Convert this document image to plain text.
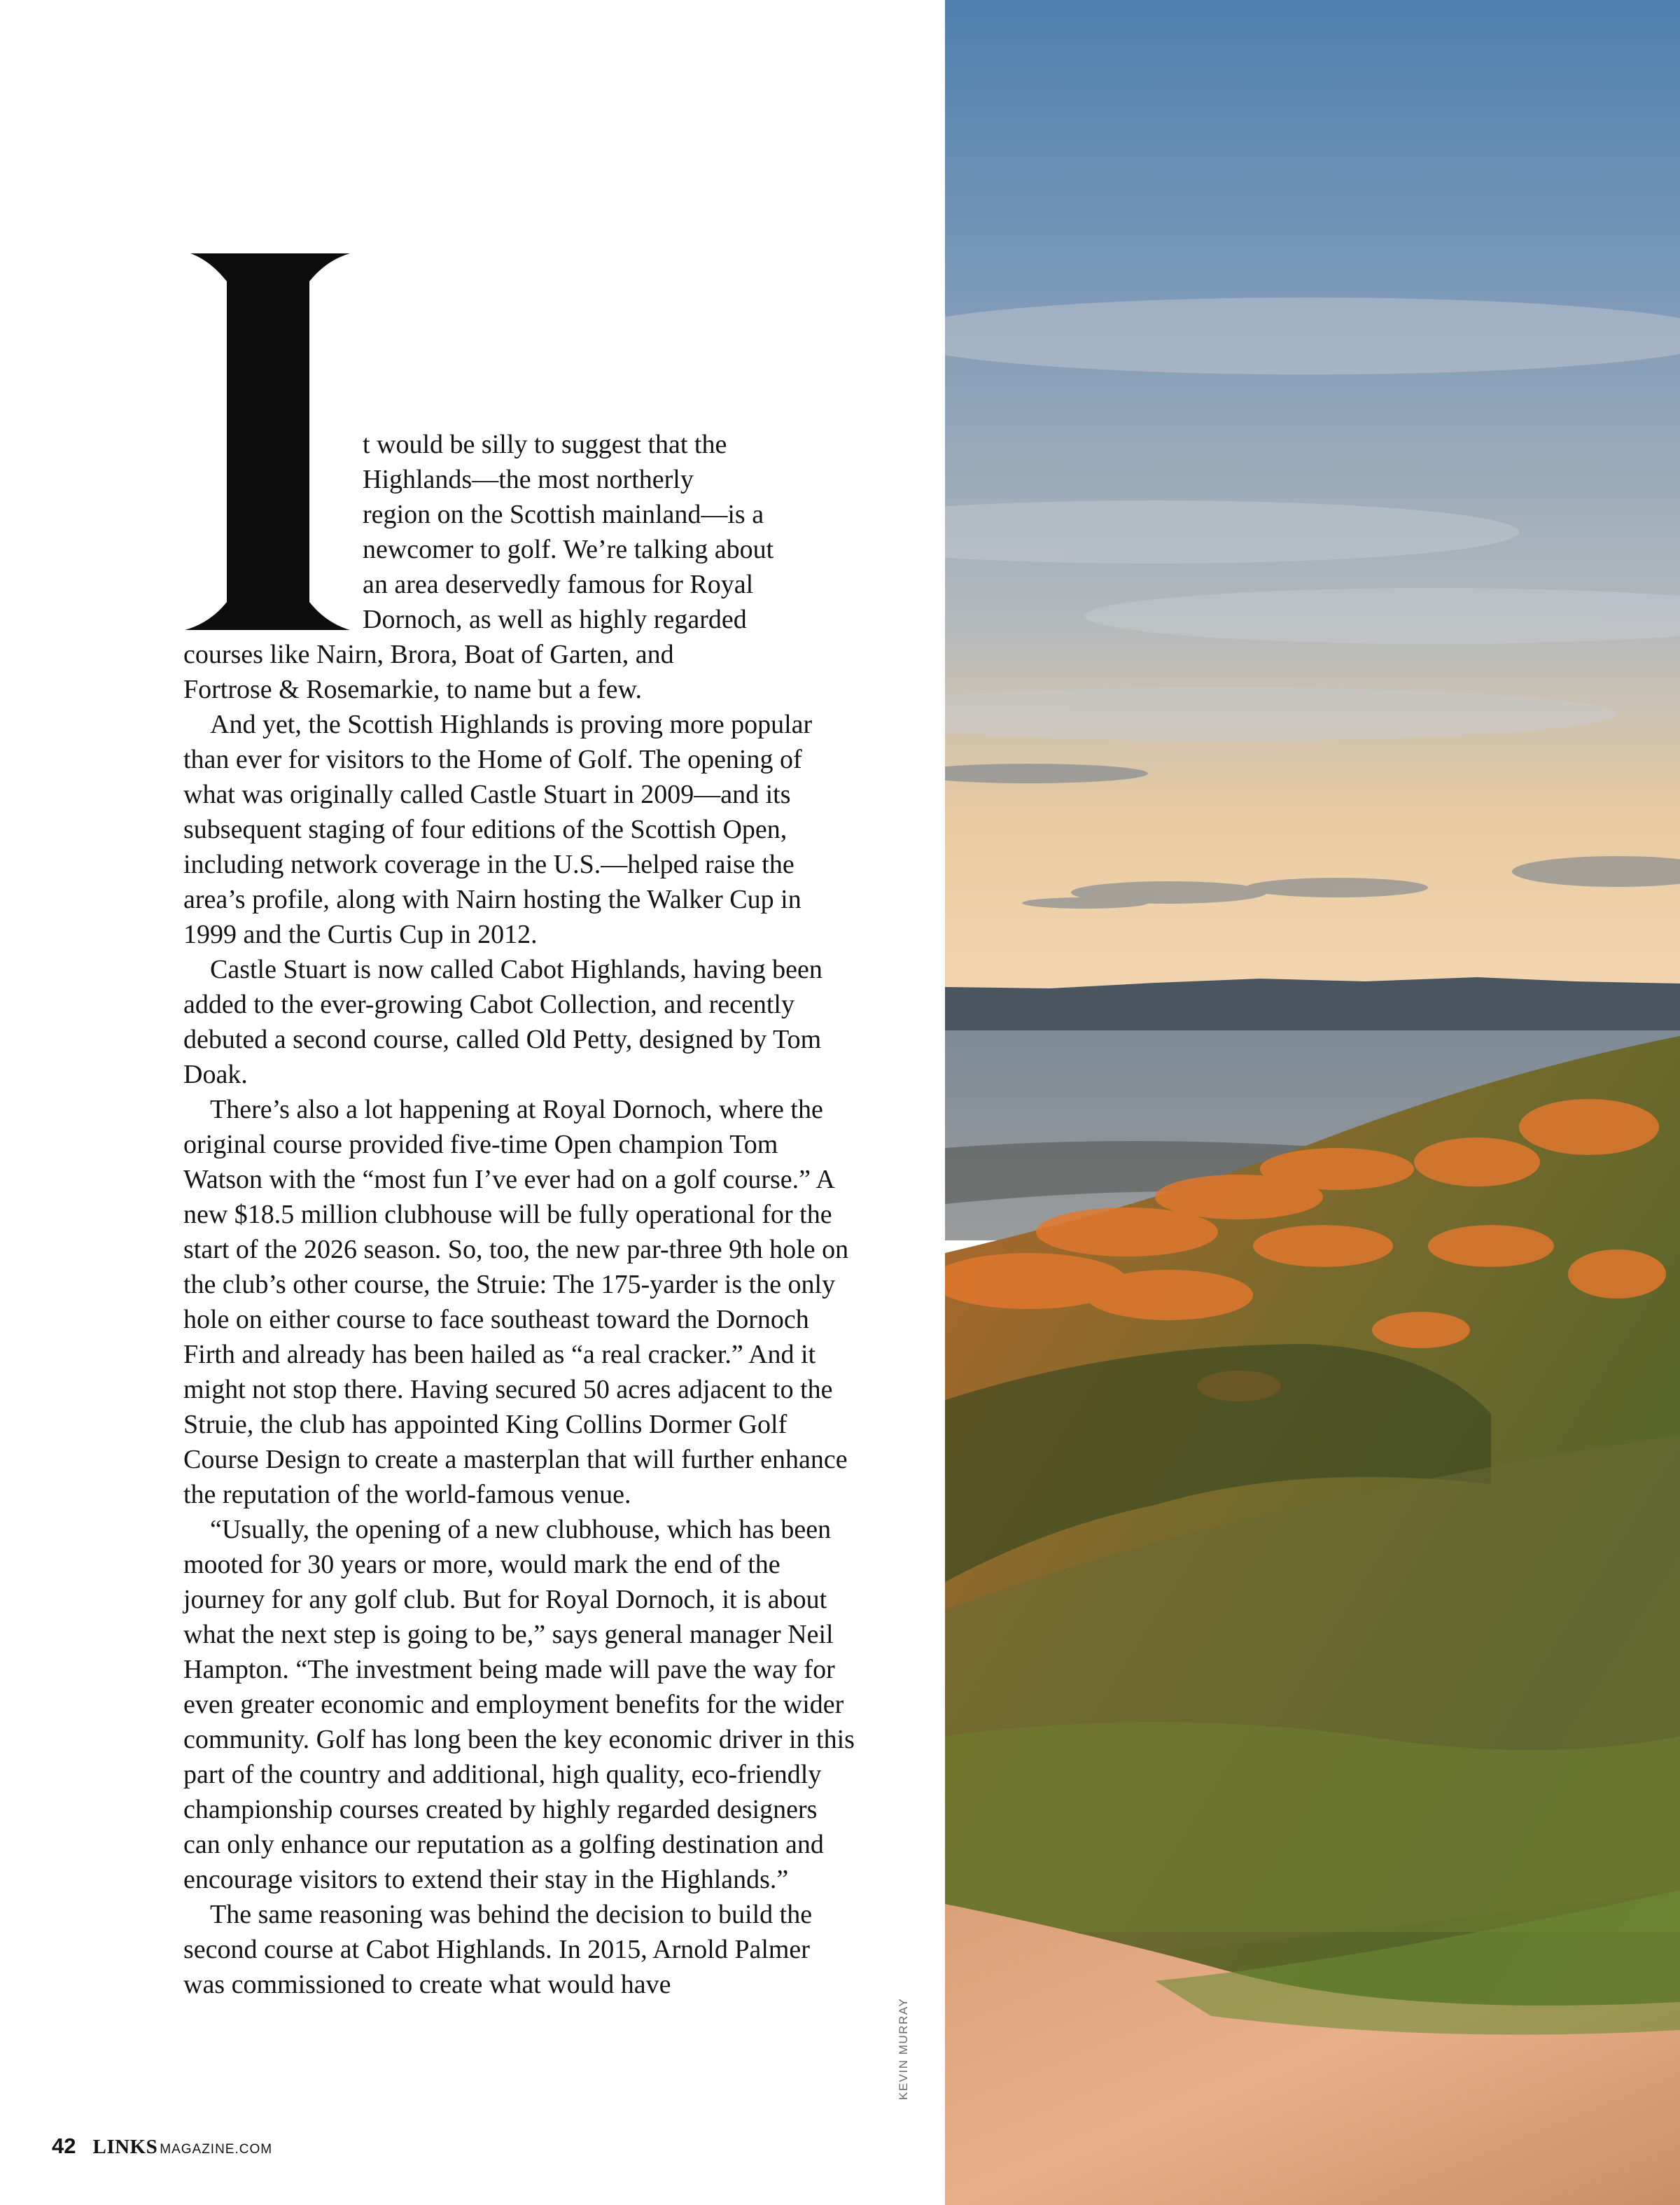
t would be silly to suggest that the

Highlands—the most northerly

region on the Scottish mainland—is a

newcomer to golf. We’re talking about

an area deservedly famous for Royal

Dornoch, as well as highly regarded

courses like Nairn, Brora, Boat of Garten, and

Fortrose & Rosemarkie, to name but a few.

And yet, the Scottish Highlands is proving more popular than ever for visitors to the Home of Golf. The opening of what was originally called Castle Stuart in 2009—and its subsequent staging of four editions of the Scottish Open, including network coverage in the U.S.—helped raise the area’s profile, along with Nairn hosting the Walker Cup in 1999 and the Curtis Cup in 2012.

Castle Stuart is now called Cabot Highlands, having been added to the ever-growing Cabot Collection, and recently debuted a second course, called Old Petty, designed by Tom Doak.

There’s also a lot happening at Royal Dornoch, where the original course provided five-time Open champion Tom Watson with the “most fun I’ve ever had on a golf course.” A new $18.5 million clubhouse will be fully operational for the start of the 2026 season. So, too, the new par-three 9th hole on the club’s other course, the Struie: The 175-yarder is the only hole on either course to face southeast toward the Dornoch Firth and already has been hailed as “a real cracker.” And it might not stop there. Having secured 50 acres adjacent to the Struie, the club has appointed King Collins Dormer Golf Course Design to create a masterplan that will further enhance the reputation of the world-famous venue.

“Usually, the opening of a new clubhouse, which has been mooted for 30 years or more, would mark the end of the journey for any golf club. But for Royal Dornoch, it is about what the next step is going to be,” says general manager Neil Hampton. “The investment being made will pave the way for even greater economic and employment benefits for the wider community. Golf has long been the key economic driver in this part of the country and additional, high quality, eco-friendly championship courses created by highly regarded designers can only enhance our reputation as a golfing destination and encourage visitors to extend their stay in the Highlands.”

The same reasoning was behind the decision to build the second course at Cabot Highlands. In 2015, Arnold Palmer was commissioned to create what would have

42 LINKS MAGAZINE.COM
KEVIN MURRAY
